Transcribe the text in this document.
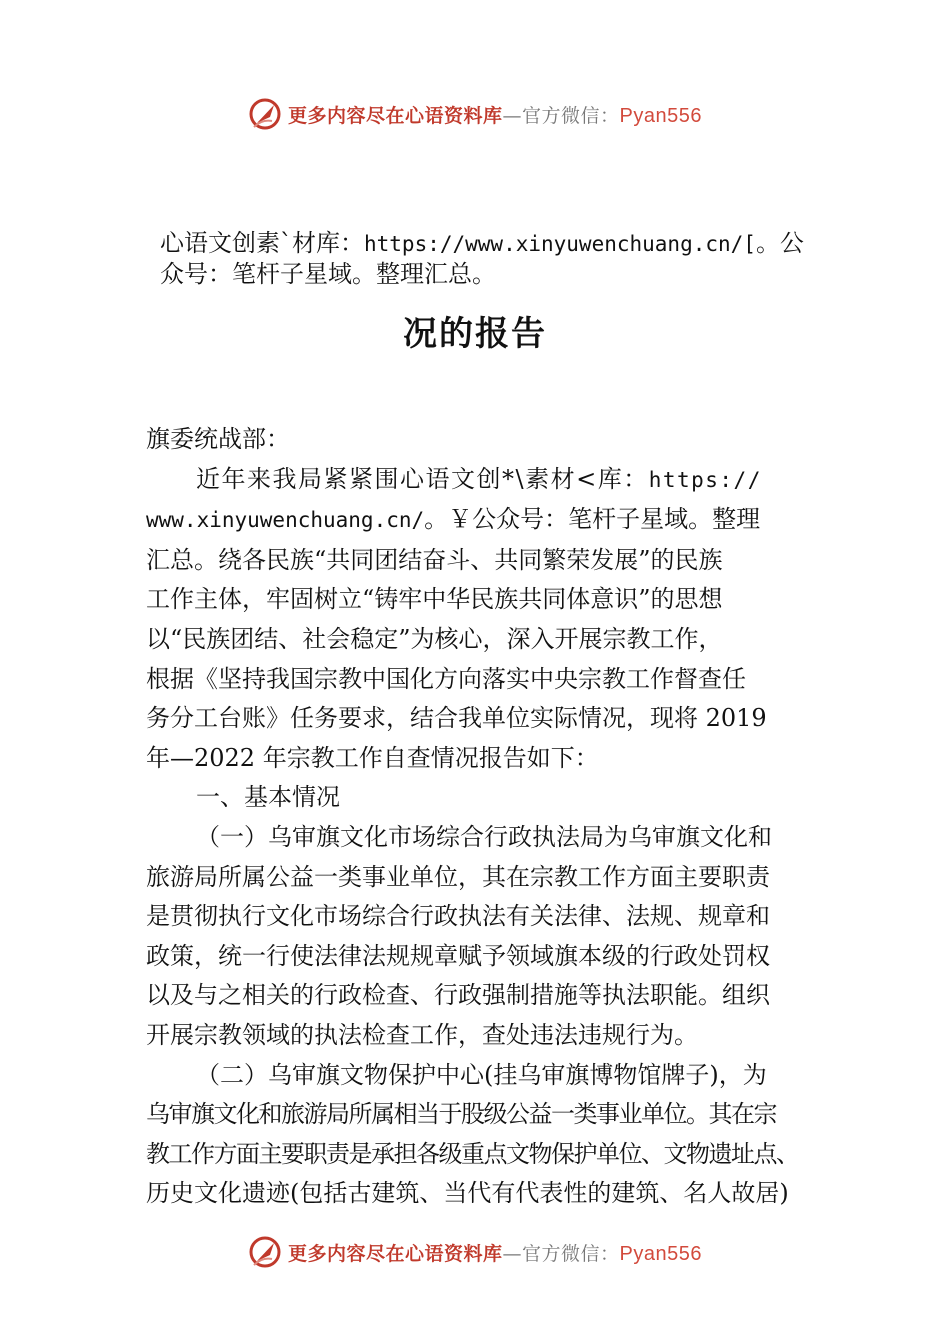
更多内容尽在心语资料库—官方微信：Pyan556
心语文创素`材库：https://www.xinyuwenchuang.cn/[。公
众号：笔杆子星域。整理汇总。
况的报告

旗委统战部：

近年来我局紧紧围心语文创*\素材<库：https://

www.xinyuwenchuang.cn/。￥公众号：笔杆子星域。整理

汇总。绕各民族“共同团结奋斗、共同繁荣发展”的民族

工作主体，牢固树立“铸牢中华民族共同体意识”的思想

以“民族团结、社会稳定”为核心，深入开展宗教工作，

根据《坚持我国宗教中国化方向落实中央宗教工作督查任

务分工台账》任务要求，结合我单位实际情况，现将 2019

年—2022 年宗教工作自查情况报告如下：

一、基本情况

（一）乌审旗文化市场综合行政执法局为乌审旗文化和

旅游局所属公益一类事业单位，其在宗教工作方面主要职责

是贯彻执行文化市场综合行政执法有关法律、法规、规章和

政策，统一行使法律法规规章赋予领域旗本级的行政处罚权

以及与之相关的行政检查、行政强制措施等执法职能。组织

开展宗教领域的执法检查工作，查处违法违规行为。

（二）乌审旗文物保护中心(挂乌审旗博物馆牌子)，为

乌审旗文化和旅游局所属相当于股级公益一类事业单位。其在宗

教工作方面主要职责是承担各级重点文物保护单位、文物遗址点、

历史文化遗迹(包括古建筑、当代有代表性的建筑、名人故居)

更多内容尽在心语资料库—官方微信：Pyan556
